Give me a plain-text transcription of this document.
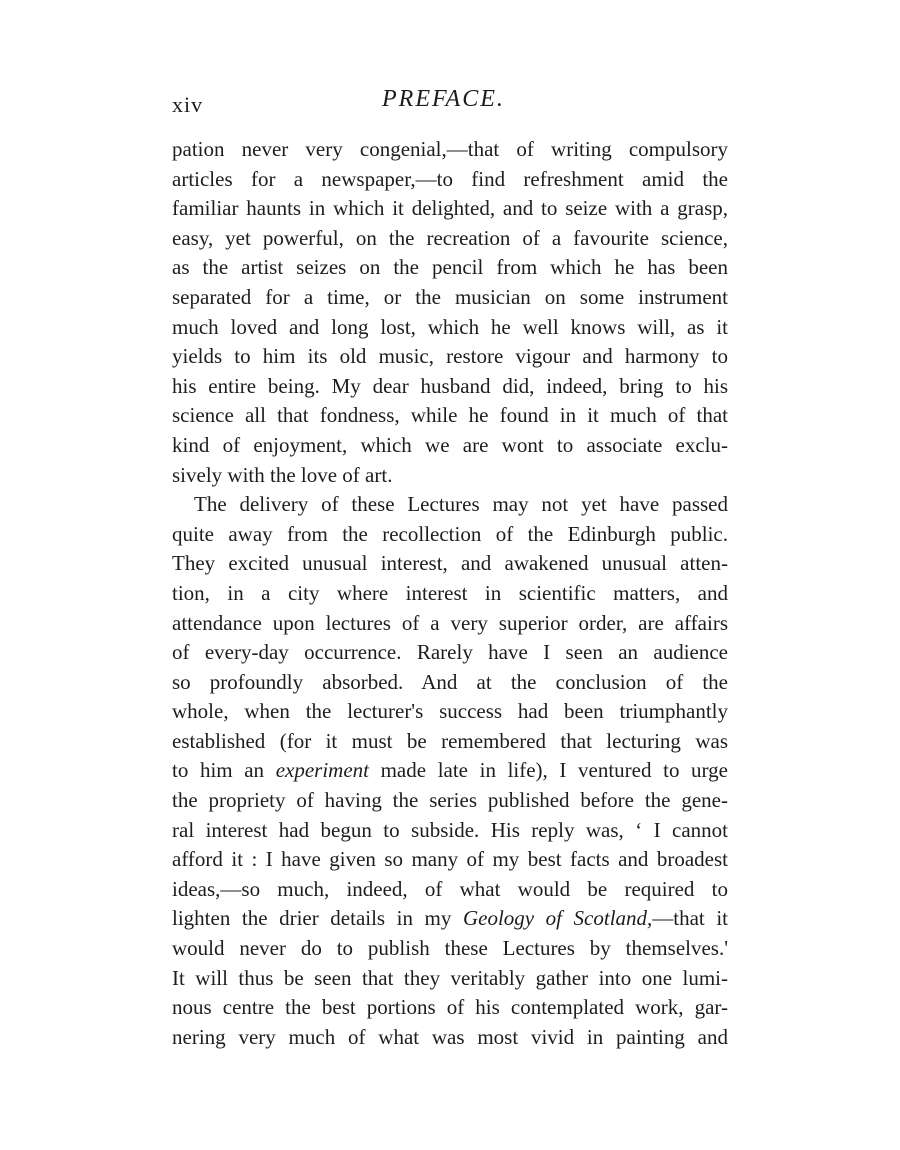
xiv	PREFACE.
pation never very congenial,—that of writing compulsory
articles for a newspaper,—to find refreshment amid the
familiar haunts in which it delighted, and to seize with a grasp,
easy, yet powerful, on the recreation of a favourite science,
as the artist seizes on the pencil from which he has been
separated for a time, or the musician on some instrument
much loved and long lost, which he well knows will, as it
yields to him its old music, restore vigour and harmony to
his entire being. My dear husband did, indeed, bring to his
science all that fondness, while he found in it much of that
kind of enjoyment, which we are wont to associate exclu-
sively with the love of art.
The delivery of these Lectures may not yet have passed
quite away from the recollection of the Edinburgh public.
They excited unusual interest, and awakened unusual atten-
tion, in a city where interest in scientific matters, and
attendance upon lectures of a very superior order, are affairs
of every-day occurrence. Rarely have I seen an audience
so profoundly absorbed. And at the conclusion of the
whole, when the lecturer's success had been triumphantly
established (for it must be remembered that lecturing was
to him an experiment made late in life), I ventured to urge
the propriety of having the series published before the gene-
ral interest had begun to subside. His reply was, ‘ I cannot
afford it : I have given so many of my best facts and broadest
ideas,—so much, indeed, of what would be required to
lighten the drier details in my Geology of Scotland,—that it
would never do to publish these Lectures by themselves.'
It will thus be seen that they veritably gather into one lumi-
nous centre the best portions of his contemplated work, gar-
nering very much of what was most vivid in painting and
